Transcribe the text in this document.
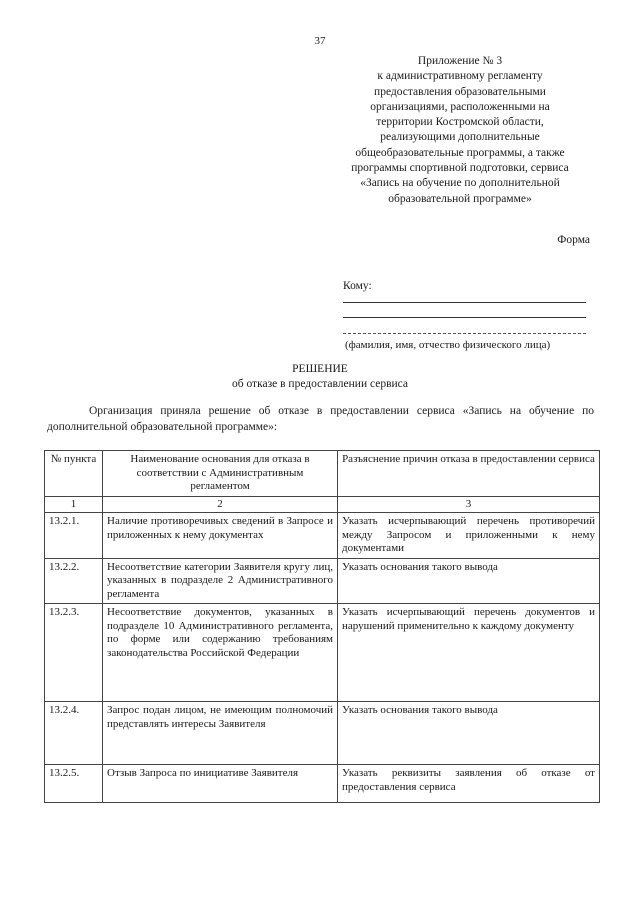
37
Приложение № 3
к административному регламенту
предоставления образовательными
организациями, расположенными на
территории Костромской области,
реализующими дополнительные
общеобразовательные программы, а также
программы спортивной подготовки, сервиса
«Запись на обучение по дополнительной
образовательной программе»
Форма
Кому:
(фамилия, имя, отчество физического лица)
РЕШЕНИЕ
об отказе в предоставлении сервиса
Организация приняла решение об отказе в предоставлении сервиса «Запись на обучение по дополнительной образовательной программе»:
№ пункта	Наименование основания для отказа в соответствии с Административным регламентом	Разъяснение причин отказа в предоставлении сервиса
1	2	3
13.2.1.	Наличие противоречивых сведений в Запросе и приложенных к нему документах	Указать исчерпывающий перечень противоречий между Запросом и приложенными к нему документами
13.2.2.	Несоответствие категории Заявителя кругу лиц, указанных в подразделе 2 Административного регламента	Указать основания такого вывода
13.2.3.	Несоответствие документов, указанных в подразделе 10 Административного регламента, по форме или содержанию требованиям законодательства Российской Федерации	Указать исчерпывающий перечень документов и нарушений применительно к каждому документу
13.2.4.	Запрос подан лицом, не имеющим полномочий представлять интересы Заявителя	Указать основания такого вывода
13.2.5.	Отзыв Запроса по инициативе Заявителя	Указать реквизиты заявления об отказе от предоставления сервиса
